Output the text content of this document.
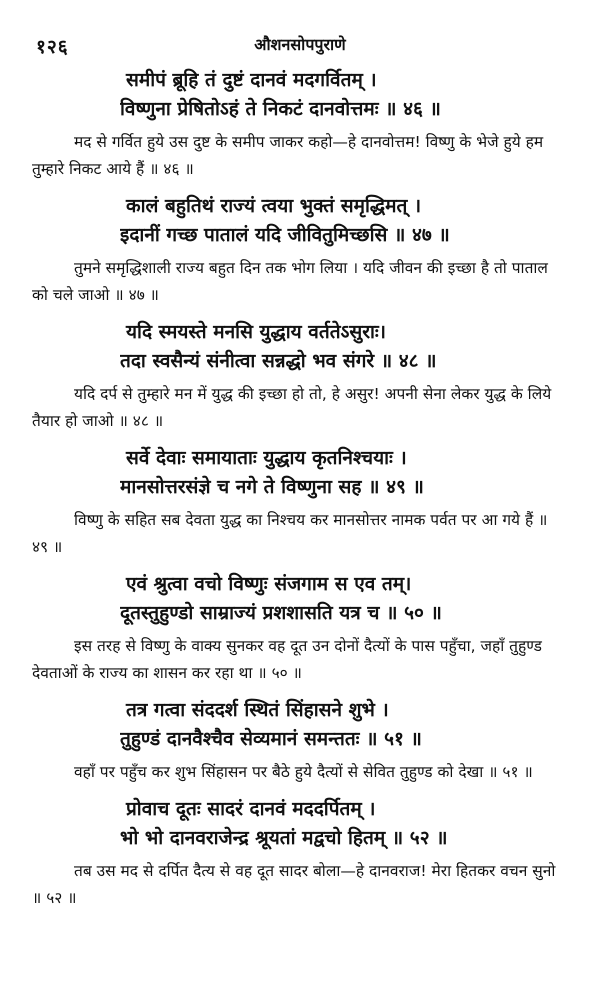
१२६	औशनसोपपुराणे
समीपं ब्रूहि तं दुष्टं दानवं मदगर्वितम्‌ ।
विष्णुना प्रेषितोऽहं ते निकटं दानवोत्तमः ॥ ४६ ॥

मद से गर्वित हुये उस दुष्ट के समीप जाकर कहो—हे दानवोत्तम! विष्णु के भेजे हुये हम तुम्हारे निकट आये हैं ॥ ४६ ॥

कालं बहुतिथं राज्यं त्वया भुक्तं समृद्धिमत्‌ ।
इदानीं गच्छ पातालं यदि जीवितुमिच्छसि ॥ ४७ ॥

तुमने समृद्धिशाली राज्य बहुत दिन तक भोग लिया । यदि जीवन की इच्छा है तो पाताल को चले जाओ ॥ ४७ ॥

यदि स्मयस्ते मनसि युद्धाय वर्ततेऽसुराः।
तदा स्वसैन्यं संनीत्वा सन्नद्धो भव संगरे ॥ ४८ ॥

यदि दर्प से तुम्हारे मन में युद्ध की इच्छा हो तो, हे असुर! अपनी सेना लेकर युद्ध के लिये तैयार हो जाओ ॥ ४८ ॥

सर्वे देवाः समायाताः युद्धाय कृतनिश्चयाः ।
मानसोत्तरसंज्ञे च नगे ते विष्णुना सह ॥ ४९ ॥

विष्णु के सहित सब देवता युद्ध का निश्चय कर मानसोत्तर नामक पर्वत पर आ गये हैं ॥ ४९ ॥

एवं श्रुत्वा वचो विष्णुः संजगाम स एव तम्‌।
दूतस्तुहुण्डो साम्राज्यं प्रशशासति यत्र च ॥ ५० ॥

इस तरह से विष्णु के वाक्य सुनकर वह दूत उन दोनों दैत्यों के पास पहुँचा, जहाँ तुहुण्ड देवताओं के राज्य का शासन कर रहा था ॥ ५० ॥

तत्र गत्वा संददर्श स्थितं सिंहासने शुभे ।
तुहुण्डं दानवैश्चैव सेव्यमानं समन्ततः ॥ ५१ ॥

वहाँ पर पहुँच कर शुभ सिंहासन पर बैठे हुये दैत्यों से सेवित तुहुण्ड को देखा ॥ ५१ ॥

प्रोवाच दूतः सादरं दानवं मददर्पितम्‌ ।
भो भो दानवराजेन्द्र श्रूयतां मद्वचो हितम्‌ ॥ ५२ ॥

तब उस मद से दर्पित दैत्य से वह दूत सादर बोला—हे दानवराज! मेरा हितकर वचन सुनो ॥ ५२ ॥
